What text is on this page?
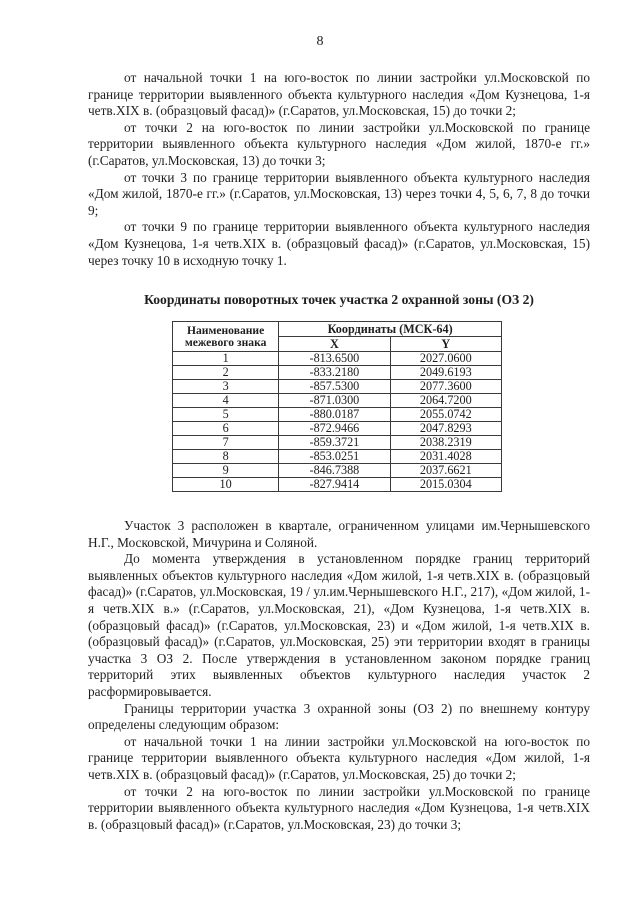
8

от начальной точки 1 на юго-восток по линии застройки ул.Московской по границе территории выявленного объекта культурного наследия «Дом Кузнецова, 1-я четв.XIX в. (образцовый фасад)» (г.Саратов, ул.Московская, 15) до точки 2;

от точки 2 на юго-восток по линии застройки ул.Московской по границе территории выявленного объекта культурного наследия «Дом жилой, 1870-е гг.» (г.Саратов, ул.Московская, 13) до точки 3;

от точки 3 по границе территории выявленного объекта культурного наследия «Дом жилой, 1870-е гг.» (г.Саратов, ул.Московская, 13) через точки 4, 5, 6, 7, 8 до точки 9;

от точки 9 по границе территории выявленного объекта культурного наследия «Дом Кузнецова, 1-я четв.XIX в. (образцовый фасад)» (г.Саратов, ул.Московская, 15) через точку 10 в исходную точку 1.

Координаты поворотных точек участка 2 охранной зоны (ОЗ 2)
Наименование межевого знака	Координаты (МСК-64)	
	X	Y
1	-813.6500	2027.0600
2	-833.2180	2049.6193
3	-857.5300	2077.3600
4	-871.0300	2064.7200
5	-880.0187	2055.0742
6	-872.9466	2047.8293
7	-859.3721	2038.2319
8	-853.0251	2031.4028
9	-846.7388	2037.6621
10	-827.9414	2015.0304

Участок 3 расположен в квартале, ограниченном улицами им.Чернышевского Н.Г., Московской, Мичурина и Соляной.

До момента утверждения в установленном порядке границ территорий выявленных объектов культурного наследия «Дом жилой, 1-я четв.XIX в. (образцовый фасад)» (г.Саратов, ул.Московская, 19 / ул.им.Чернышевского Н.Г., 217), «Дом жилой, 1-я четв.XIX в.» (г.Саратов, ул.Московская, 21), «Дом Кузнецова, 1-я четв.XIX в. (образцовый фасад)» (г.Саратов, ул.Московская, 23) и «Дом жилой, 1-я четв.XIX в. (образцовый фасад)» (г.Саратов, ул.Московская, 25) эти территории входят в границы участка 3 ОЗ 2. После утверждения в установленном законом порядке границ территорий этих выявленных объектов культурного наследия участок 2 расформировывается.

Границы территории участка 3 охранной зоны (ОЗ 2) по внешнему контуру определены следующим образом:

от начальной точки 1 на линии застройки ул.Московской на юго-восток по границе территории выявленного объекта культурного наследия «Дом жилой, 1-я четв.XIX в. (образцовый фасад)» (г.Саратов, ул.Московская, 25) до точки 2;

от точки 2 на юго-восток по линии застройки ул.Московской по границе территории выявленного объекта культурного наследия «Дом Кузнецова, 1-я четв.XIX в. (образцовый фасад)» (г.Саратов, ул.Московская, 23) до точки 3;
